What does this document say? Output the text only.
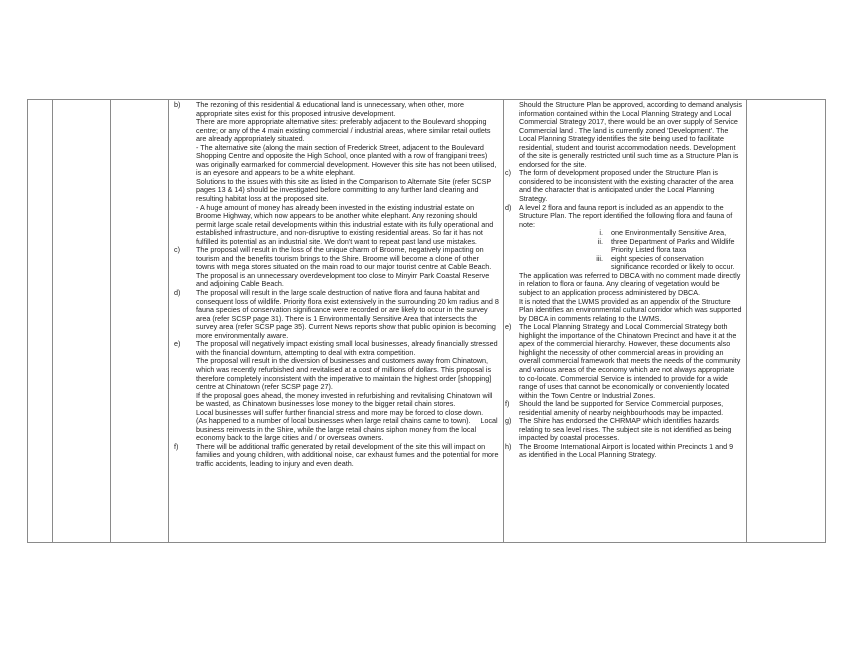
b)	The rezoning of this residential & educational land is unnecessary, when other, more appropriate sites exist for this proposed intrusive development.

There are more appropriate alternative sites: preferably adjacent to the Boulevard shopping centre; or any of the 4 main existing commercial / industrial areas, where similar retail outlets are already appropriately situated.

- The alternative site (along the main section of Frederick Street, adjacent to the Boulevard Shopping Centre and opposite the High School, once planted with a row of frangipani trees) was originally earmarked for commercial development. However this site has not been utilised, is an eyesore and appears to be a white elephant.

Solutions to the issues with this site as listed in the Comparison to Alternate Site (refer SCSP pages 13 & 14) should be investigated before committing to any further land clearing and resulting habitat loss at the proposed site.

- A huge amount of money has already been invested in the existing industrial estate on Broome Highway, which now appears to be another white elephant. Any rezoning should permit large scale retail developments within this industrial estate with its fully operational and established infrastructure, and non-disruptive to existing residential areas. So far it has not fulfilled its potential as an industrial site. We don't want to repeat past land use mistakes.

c)	The proposal will result in the loss of the unique charm of Broome, negatively impacting on tourism and the benefits tourism brings to the Shire. Broome will become a clone of other towns with mega stores situated on the main road to our major tourist centre at Cable Beach.

The proposal is an unnecessary overdevelopment too close to Minyirr Park Coastal Reserve and adjoining Cable Beach.

d)	The proposal will result in the large scale destruction of native flora and fauna habitat and consequent loss of wildlife. Priority flora exist extensively in the surrounding 20 km radius and 8 fauna species of conservation significance were recorded or are likely to occur in the survey area (refer SCSP page 31). There is 1 Environmentally Sensitive Area that intersects the survey area (refer SCSP page 35). Current News reports show that public opinion is becoming more environmentally aware.

e)	The proposal will negatively impact existing small local businesses, already financially stressed with the financial downturn, attempting to deal with extra competition.

The proposal will result in the diversion of businesses and customers away from Chinatown, which was recently refurbished and revitalised at a cost of millions of dollars. This proposal is therefore completely inconsistent with the imperative to maintain the highest order [shopping] centre at Chinatown (refer SCSP page 27).

If the proposal goes ahead, the money invested in refurbishing and revitalising Chinatown will be wasted, as Chinatown businesses lose money to the bigger retail chain stores.

Local businesses will suffer further financial stress and more may be forced to close down.    (As happened to a number of local businesses when large retail chains came to town).     Local business reinvests in the Shire, while the large retail chains siphon money from the local economy back to the large cities and / or overseas owners.

f)	There will be additional traffic generated by retail development of the site this will impact on families and young children, with additional noise, car exhaust fumes and the potential for more traffic accidents, leading to injury and even death.

Should the Structure Plan be approved, according to demand analysis information contained within the Local Planning Strategy and Local Commercial Strategy 2017, there would be an over supply of Service Commercial land . The land is currently zoned 'Development'. The Local Planning Strategy identifies the site being used to facilitate residential, student and tourist accommodation needs. Development of the site is generally restricted until such time as a Structure Plan is endorsed for the site.

c)	The form of development proposed under the Structure Plan is considered to be inconsistent with the existing character of the area and the character that is anticipated under the Local Planning Strategy.

d)	A level 2 flora and fauna report is included as an appendix to the Structure Plan. The report identified the following flora and fauna of note:

i.	one Environmentally Sensitive Area,
ii.	three Department of Parks and Wildlife Priority Listed flora taxa
iii.	eight species of conservation significance recorded or likely to occur.

The application was referred to DBCA with no comment made directly in relation to flora or fauna. Any clearing of vegetation would be subject to an application process administered by DBCA.

It is noted that the LWMS provided as an appendix of the Structure Plan identifies an environmental cultural corridor which was supported by DBCA in comments relating to the LWMS.

e)	The Local Planning Strategy and Local Commercial Strategy both highlight the importance of the Chinatown Precinct and have it at the apex of the commercial hierarchy. However, these documents also highlight the necessity of other commercial areas in providing an overall commercial framework that meets the needs of the community and various areas of the economy which are not always appropriate to co-locate. Commercial Service is intended to provide for a wide range of uses that cannot be economically or conveniently located within the Town Centre or Industrial Zones.

f)	Should the land be supported for Service Commercial purposes, residential amenity of nearby neighbourhoods may be impacted.

g)	The Shire has endorsed the CHRMAP which identifies hazards relating to sea level rises. The subject site is not identified as being impacted by coastal processes.

h)	The Broome International Airport is located within Precincts 1 and 9 as identified in the Local Planning Strategy.
